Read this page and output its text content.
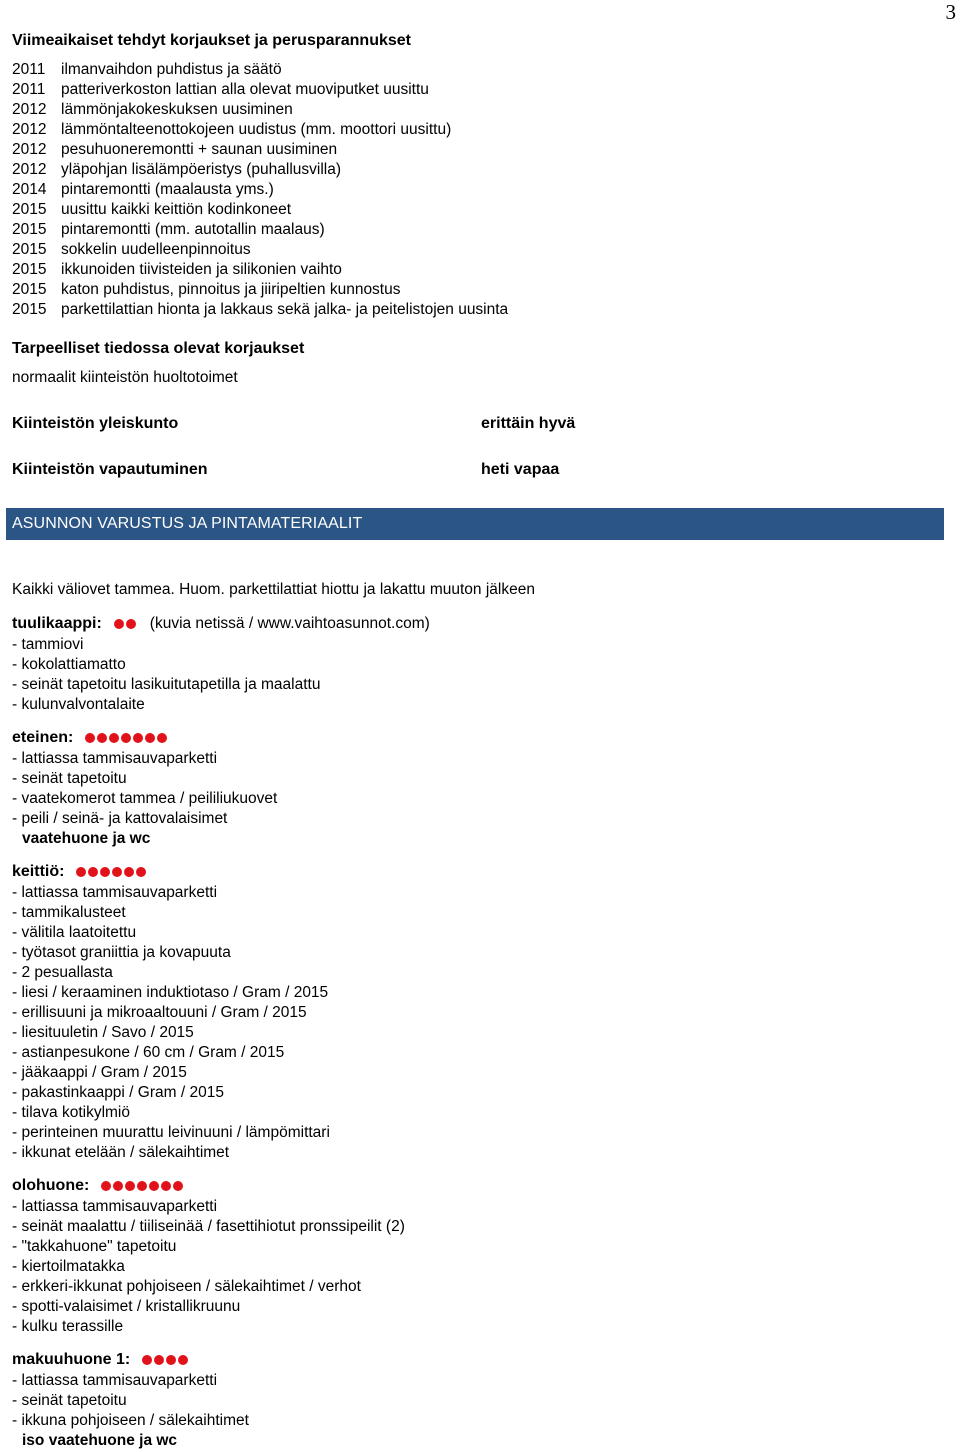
3
Viimeaikaiset tehdyt korjaukset ja perusparannukset
2011 ilmanvaihdon puhdistus ja säätö
2011 patteriverkoston lattian alla olevat muoviputket uusittu
2012 lämmönjakokeskuksen uusiminen
2012 lämmöntalteenottokojeen uudistus (mm. moottori uusittu)
2012 pesuhuoneremontti + saunan uusiminen
2012 yläpohjan lisälämpöeristys (puhallusvilla)
2014 pintaremontti (maalausta yms.)
2015 uusittu kaikki keittiön kodinkoneet
2015 pintaremontti (mm. autotallin maalaus)
2015 sokkelin uudelleenpinnoitus
2015 ikkunoiden tiivisteiden ja silikonien vaihto
2015 katon puhdistus, pinnoitus ja jiiripeltien kunnostus
2015 parkettilattian hionta ja lakkaus sekä jalka- ja peitelistojen uusinta
Tarpeelliset tiedossa olevat korjaukset
normaalit kiinteistön huoltotoimet
Kiinteistön yleiskunto	erittäin hyvä
Kiinteistön vapautuminen	heti vapaa
ASUNNON VARUSTUS JA PINTAMATERIAALIT
Kaikki väliovet tammea. Huom. parkettilattiat hiottu ja lakattu muuton jälkeen
tuulikaappi:	(kuvia netissä / www.vaihtoasunnot.com)
- tammiovi
- kokolattiamatto
- seinät tapetoitu lasikuitutapetilla ja maalattu
- kulunvalvontalaite
eteinen:
- lattiassa tammisauvaparketti
- seinät tapetoitu
- vaatekomerot tammea / peililiukuovet
- peili / seinä- ja kattovalaisimet
vaatehuone ja wc
keittiö:
- lattiassa tammisauvaparketti
- tammikalusteet
- välitila laatoitettu
- työtasot graniittia ja kovapuuta
- 2 pesuallasta
- liesi / keraaminen induktiotaso / Gram / 2015
- erillisuuni ja mikroaaltouuni / Gram / 2015
- liesituuletin / Savo / 2015
- astianpesukone / 60 cm / Gram / 2015
- jääkaappi / Gram / 2015
- pakastinkaappi / Gram / 2015
- tilava kotikylmiö
- perinteinen muurattu leivinuuni / lämpömittari
- ikkunat etelään / sälekaihtimet
olohuone:
- lattiassa tammisauvaparketti
- seinät maalattu / tiiliseinää / fasettihiotut pronssipeilit (2)
- "takkahuone" tapetoitu
- kiertoilmatakka
- erkkeri-ikkunat pohjoiseen / sälekaihtimet / verhot
- spotti-valaisimet / kristallikruunu
- kulku terassille
makuuhuone 1:
- lattiassa tammisauvaparketti
- seinät tapetoitu
- ikkuna pohjoiseen / sälekaihtimet
iso vaatehuone ja wc
